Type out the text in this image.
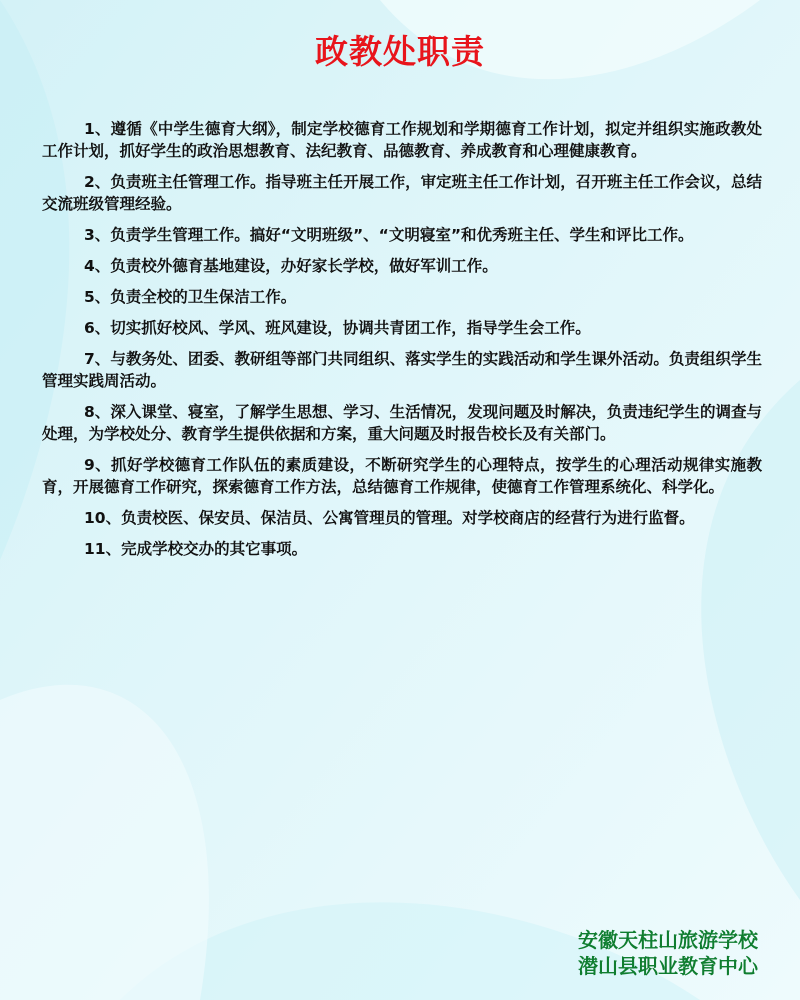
政教处职责
1、遵循《中学生德育大纲》，制定学校德育工作规划和学期德育工作计划，拟定并组织实施政教处工作计划，抓好学生的政治思想教育、法纪教育、品德教育、养成教育和心理健康教育。
2、负责班主任管理工作。指导班主任开展工作，审定班主任工作计划，召开班主任工作会议，总结交流班级管理经验。
3、负责学生管理工作。搞好“文明班级”、“文明寝室”和优秀班主任、学生和评比工作。
4、负责校外德育基地建设，办好家长学校，做好军训工作。
5、负责全校的卫生保洁工作。
6、切实抓好校风、学风、班风建设，协调共青团工作，指导学生会工作。
7、与教务处、团委、教研组等部门共同组织、落实学生的实践活动和学生课外活动。负责组织学生管理实践周活动。
8、深入课堂、寝室，了解学生思想、学习、生活情况，发现问题及时解决，负责违纪学生的调查与处理，为学校处分、教育学生提供依据和方案，重大问题及时报告校长及有关部门。
9、抓好学校德育工作队伍的素质建设，不断研究学生的心理特点，按学生的心理活动规律实施教育，开展德育工作研究，探索德育工作方法，总结德育工作规律，使德育工作管理系统化、科学化。
10、负责校医、保安员、保洁员、公寓管理员的管理。对学校商店的经营行为进行监督。
11、完成学校交办的其它事项。
安徽天柱山旅游学校
潜山县职业教育中心
